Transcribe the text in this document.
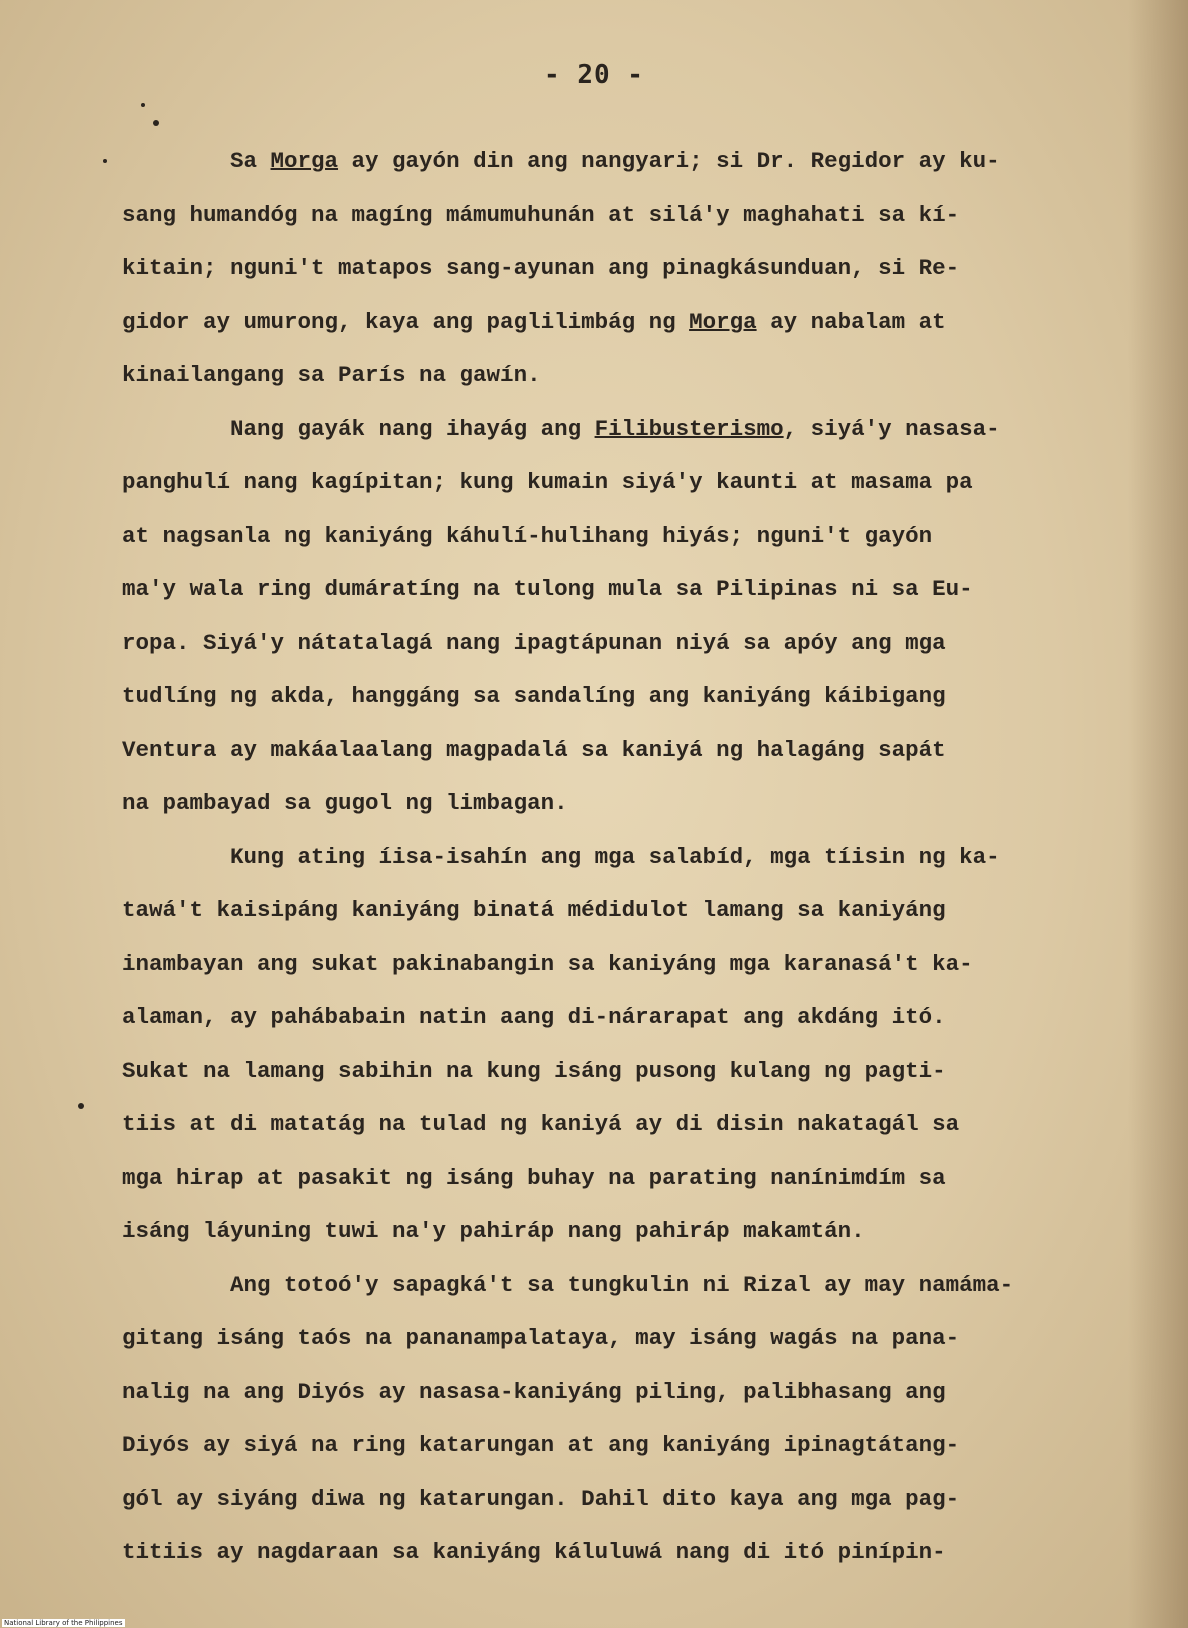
- 20 -
Sa Morga ay gayón din ang nangyari; si Dr. Regidor ay ku-
sang humandóg na magíng mámumuhunán at silá'y maghahati sa kí-
kitain; nguni't matapos sang-ayunan ang pinagkásunduan, si Re-
gidor ay umurong, kaya ang paglilimbág ng Morga ay nabalam at
kinailangang sa París na gawín.
Nang gayák nang ihayág ang Filibusterismo, siyá'y nasasa-
panghulí nang kagípitan; kung kumain siyá'y kaunti at masama pa
at nagsanla ng kaniyáng káhulí-hulihang hiyás; nguni't gayón
ma'y wala ring dumáratíng na tulong mula sa Pilipinas ni sa Eu-
ropa. Siyá'y nátatalagá nang ipagtápunan niyá sa apóy ang mga
tudlíng ng akda, hanggáng sa sandalíng ang kaniyáng káibigang
Ventura ay makáalaalang magpadalá sa kaniyá ng halagáng sapát
na pambayad sa gugol ng limbagan.
Kung ating íisa-isahín ang mga salabíd, mga tíisin ng ka-
tawá't kaisipáng kaniyáng binatá médidulot lamang sa kaniyáng
inambayan ang sukat pakinabangin sa kaniyáng mga karanasá't ka-
alaman, ay pahábabain natin aang di-nárarapat ang akdáng itó.
Sukat na lamang sabihin na kung isáng pusong kulang ng pagti-
tiis at di matatág na tulad ng kaniyá ay di disin nakatagál sa
mga hirap at pasakit ng isáng buhay na parating nanínimdím sa
isáng láyuning tuwi na'y pahiráp nang pahiráp makamtán.
Ang totoó'y sapagká't sa tungkulin ni Rizal ay may namáma-
gitang isáng taós na pananampalataya, may isáng wagás na pana-
nalig na ang Diyós ay nasasa-kaniyáng piling, palibhasang ang
Diyós ay siyá na ring katarungan at ang kaniyáng ipinagtátang-
gól ay siyáng diwa ng katarungan. Dahil dito kaya ang mga pag-
titiis ay nagdaraan sa kaniyáng káluluwá nang di itó pinípin-
National Library of the Philippines
